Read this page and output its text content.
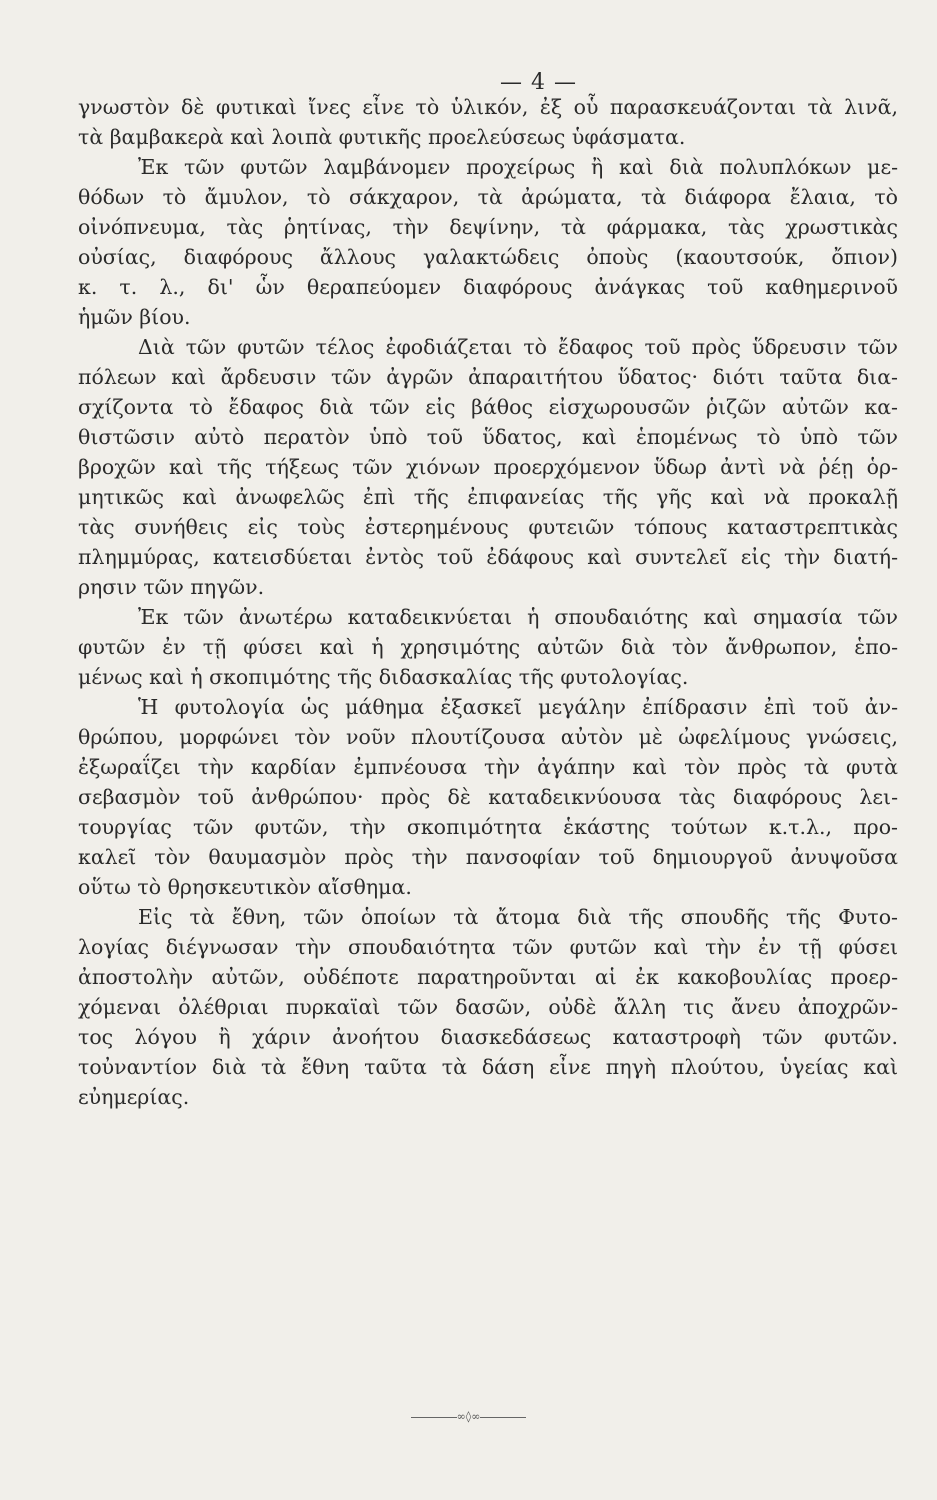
— 4 —
γνωστὸν δὲ φυτικαὶ ἴνες εἶνε τὸ ὑλικόν, ἐξ οὗ παρασκευάζονται τὰ λινᾶ,
τὰ βαμβακερὰ καὶ λοιπὰ φυτικῆς προελεύσεως ὑφάσματα.
Ἐκ τῶν φυτῶν λαμβάνομεν προχείρως ἢ καὶ διὰ πολυπλόκων με-
θόδων τὸ ἄμυλον, τὸ σάκχαρον, τὰ ἀρώματα, τὰ διάφορα ἔλαια, τὸ
οἰνόπνευμα, τὰς ῥητίνας, τὴν δεψίνην, τὰ φάρμακα, τὰς χρωστικὰς
οὐσίας, διαφόρους ἄλλους γαλακτώδεις ὀποὺς (καουτσούκ, ὄπιον)
κ. τ. λ., δι' ὧν θεραπεύομεν διαφόρους ἀνάγκας τοῦ καθημερινοῦ
ἡμῶν βίου.
Διὰ τῶν φυτῶν τέλος ἐφοδιάζεται τὸ ἔδαφος τοῦ πρὸς ὕδρευσιν τῶν
πόλεων καὶ ἄρδευσιν τῶν ἀγρῶν ἀπαραιτήτου ὕδατος· διότι ταῦτα δια-
σχίζοντα τὸ ἔδαφος διὰ τῶν εἰς βάθος εἰσχωρουσῶν ῥιζῶν αὐτῶν κα-
θιστῶσιν αὐτὸ περατὸν ὑπὸ τοῦ ὕδατος, καὶ ἑπομένως τὸ ὑπὸ τῶν
βροχῶν καὶ τῆς τήξεως τῶν χιόνων προερχόμενον ὕδωρ ἀντὶ νὰ ῥέῃ ὁρ-
μητικῶς καὶ ἀνωφελῶς ἐπὶ τῆς ἐπιφανείας τῆς γῆς καὶ νὰ προκαλῇ
τὰς συνήθεις εἰς τοὺς ἐστερημένους φυτειῶν τόπους καταστρεπτικὰς
πλημμύρας, κατεισδύεται ἐντὸς τοῦ ἐδάφους καὶ συντελεῖ εἰς τὴν διατή-
ρησιν τῶν πηγῶν.
Ἐκ τῶν ἀνωτέρω καταδεικνύεται ἡ σπουδαιότης καὶ σημασία τῶν
φυτῶν ἐν τῇ φύσει καὶ ἡ χρησιμότης αὐτῶν διὰ τὸν ἄνθρωπον, ἑπο-
μένως καὶ ἡ σκοπιμότης τῆς διδασκαλίας τῆς φυτολογίας.
Ἡ φυτολογία ὡς μάθημα ἐξασκεῖ μεγάλην ἐπίδρασιν ἐπὶ τοῦ ἀν-
θρώπου, μορφώνει τὸν νοῦν πλουτίζουσα αὐτὸν μὲ ὠφελίμους γνώσεις,
ἐξωραΐζει τὴν καρδίαν ἐμπνέουσα τὴν ἀγάπην καὶ τὸν πρὸς τὰ φυτὰ
σεβασμὸν τοῦ ἀνθρώπου· πρὸς δὲ καταδεικνύουσα τὰς διαφόρους λει-
τουργίας τῶν φυτῶν, τὴν σκοπιμότητα ἑκάστης τούτων κ.τ.λ., προ-
καλεῖ τὸν θαυμασμὸν πρὸς τὴν πανσοφίαν τοῦ δημιουργοῦ ἀνυψοῦσα
οὕτω τὸ θρησκευτικὸν αἴσθημα.
Εἰς τὰ ἔθνη, τῶν ὁποίων τὰ ἄτομα διὰ τῆς σπουδῆς τῆς Φυτο-
λογίας διέγνωσαν τὴν σπουδαιότητα τῶν φυτῶν καὶ τὴν ἐν τῇ φύσει
ἀποστολὴν αὐτῶν, οὐδέποτε παρατηροῦνται αἱ ἐκ κακοβουλίας προερ-
χόμεναι ὀλέθριαι πυρκαϊαὶ τῶν δασῶν, οὐδὲ ἄλλη τις ἄνευ ἀποχρῶν-
τος λόγου ἢ χάριν ἀνοήτου διασκεδάσεως καταστροφὴ τῶν φυτῶν.
τοὐναντίον διὰ τὰ ἔθνη ταῦτα τὰ δάση εἶνε πηγὴ πλούτου, ὑγείας καὶ
εὐημερίας.
∞◊∞
